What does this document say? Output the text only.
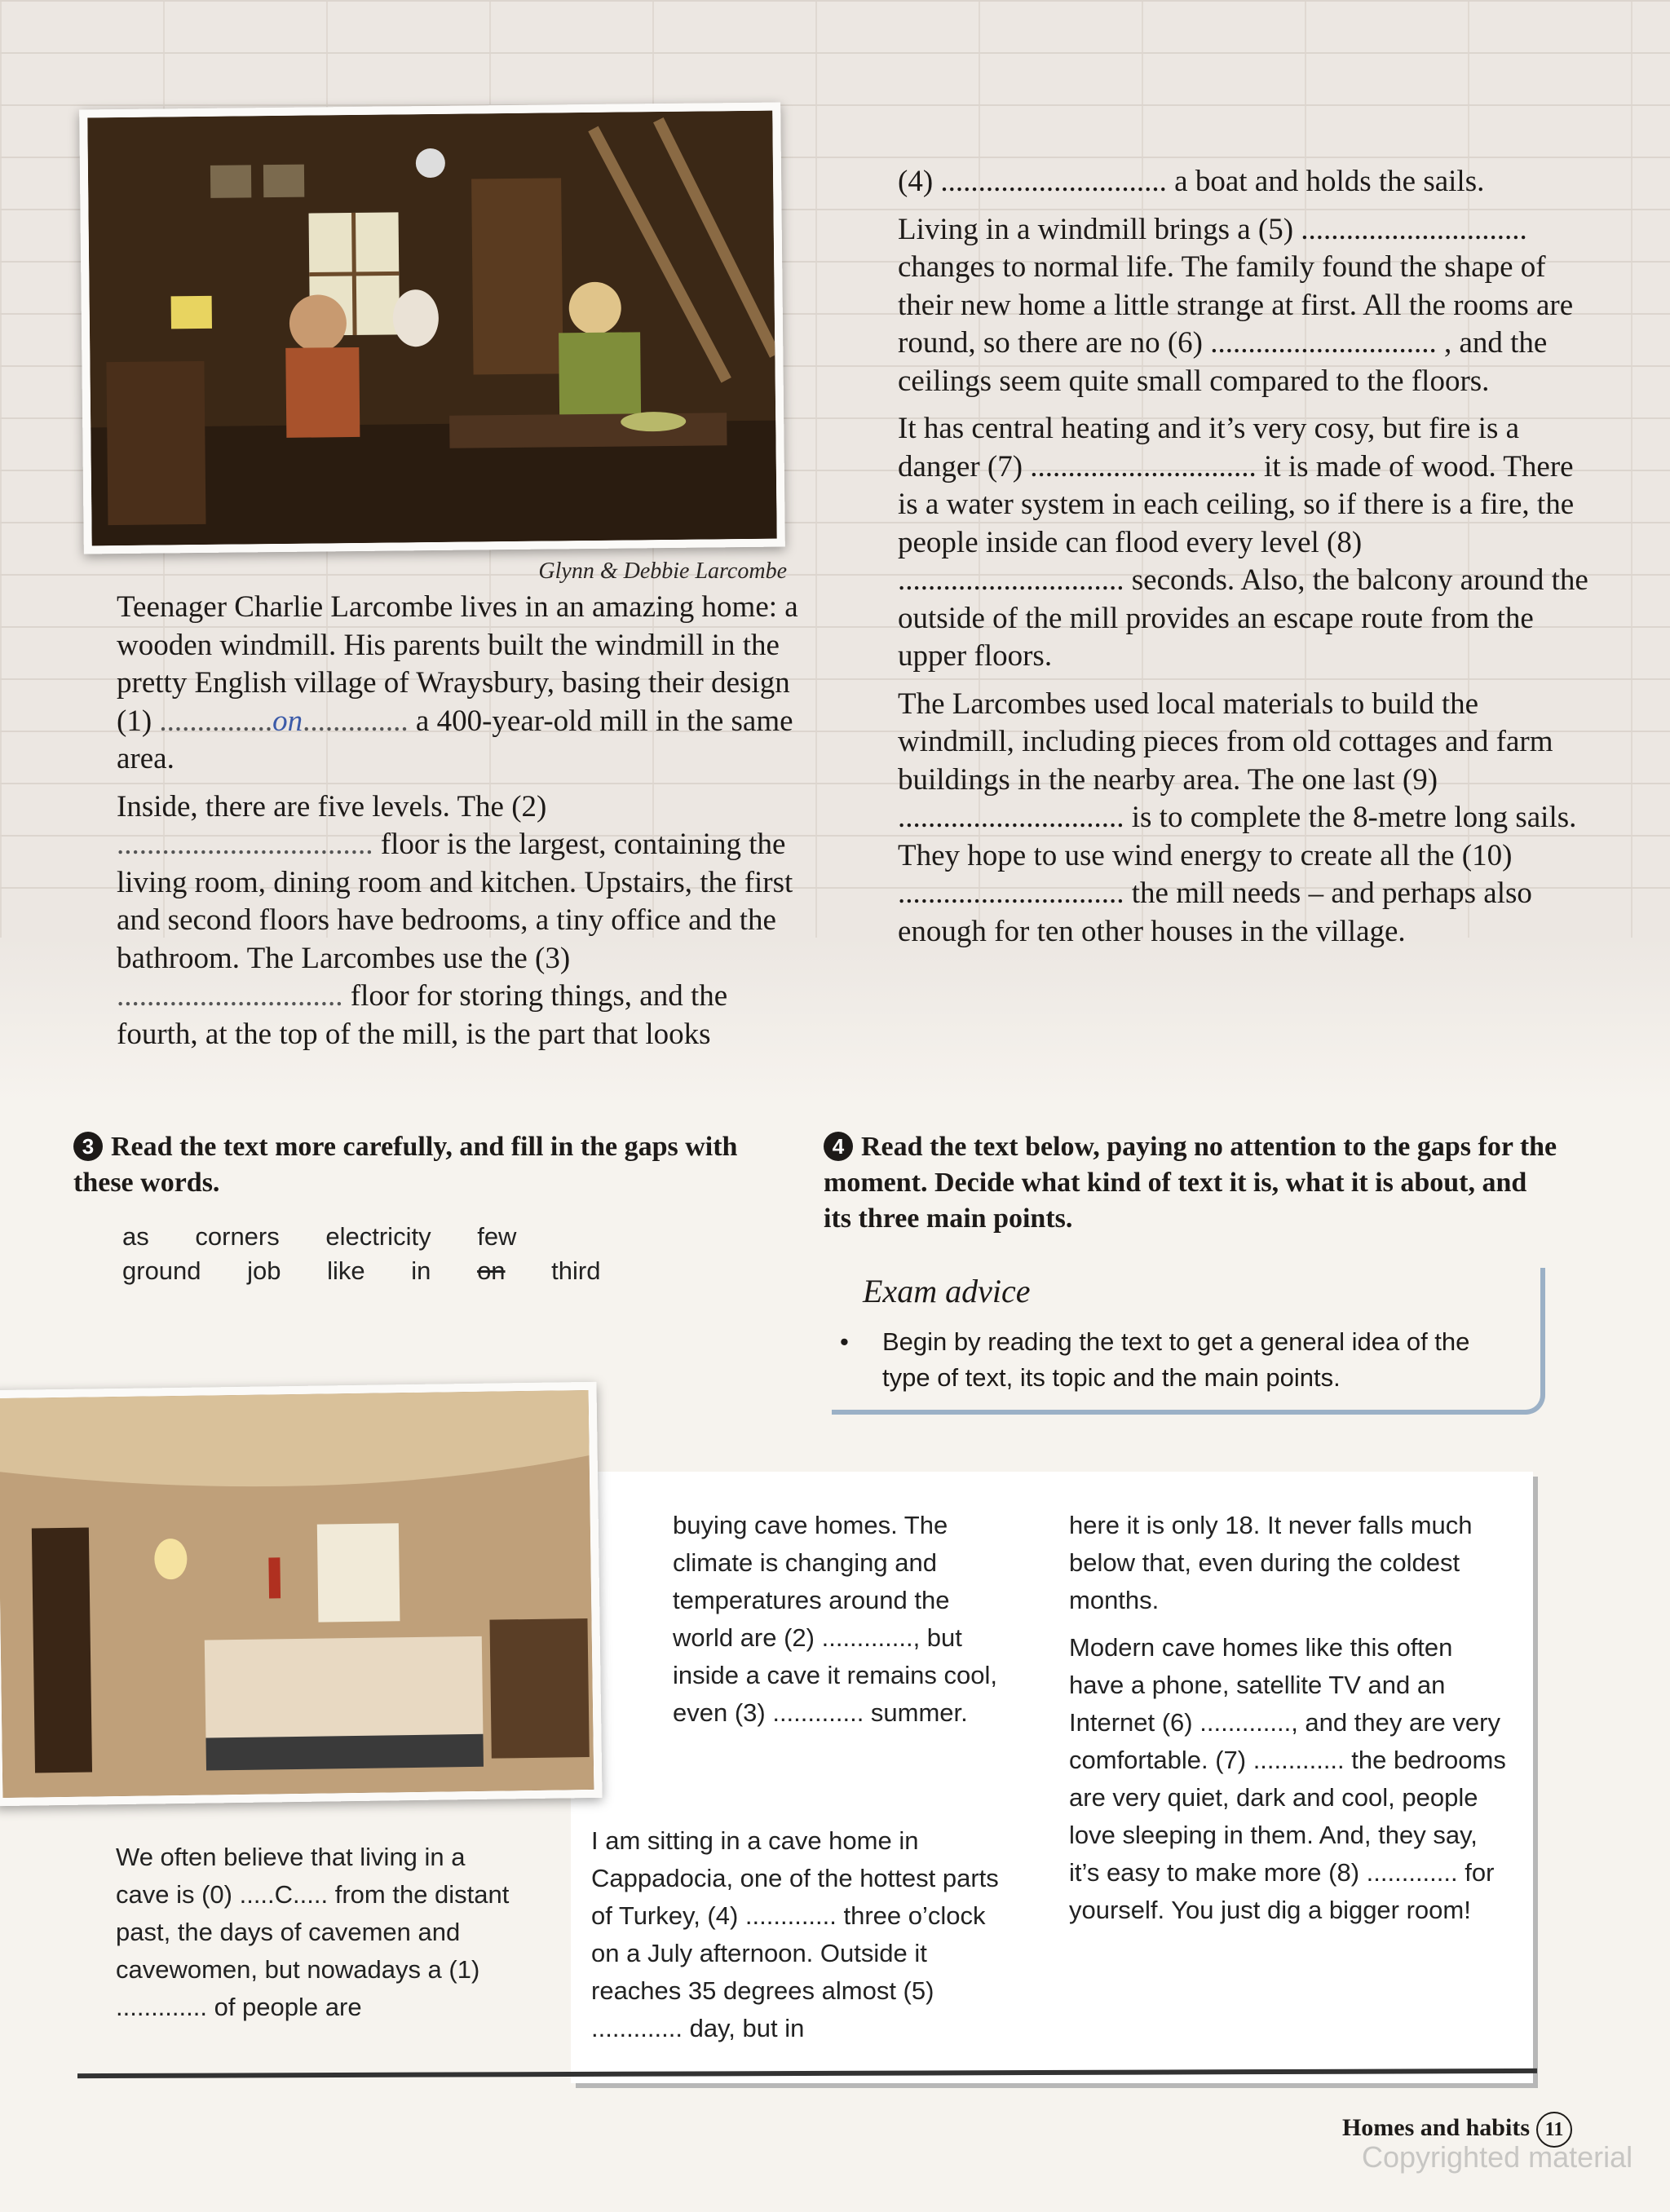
Glynn & Debbie Larcombe

Teenager Charlie Larcombe lives in an amazing home: a wooden windmill. His parents built the windmill in the pretty English village of Wraysbury, basing their design (1) ...............on.............. a 400-year-old mill in the same area.

Inside, there are five levels. The (2) .................................. floor is the largest, containing the living room, dining room and kitchen. Upstairs, the first and second floors have bedrooms, a tiny office and the bathroom. The Larcombes use the (3) .............................. floor for storing things, and the fourth, at the top of the mill, is the part that looks

(4) .............................. a boat and holds the sails.

Living in a windmill brings a (5) .............................. changes to normal life. The family found the shape of their new home a little strange at first. All the rooms are round, so there are no (6) .............................. , and the ceilings seem quite small compared to the floors.

It has central heating and it’s very cosy, but fire is a danger (7) .............................. it is made of wood. There is a water system in each ceiling, so if there is a fire, the people inside can flood every level (8) .............................. seconds. Also, the balcony around the outside of the mill provides an escape route from the upper floors.

The Larcombes used local materials to build the windmill, including pieces from old cottages and farm buildings in the nearby area. The one last (9) .............................. is to complete the 8-metre long sails. They hope to use wind energy to create all the (10) .............................. the mill needs – and perhaps also enough for ten other houses in the village.

3 Read the text more carefully, and fill in the gaps with these words.
as corners electricity few
ground job like in on third
4 Read the text below, paying no attention to the gaps for the moment. Decide what kind of text it is, what it is about, and its three main points.
Exam advice
•	Begin by reading the text to get a general idea of the type of text, its topic and the main points.

We often believe that living in a cave is (0) .....C..... from the distant past, the days of cavemen and cavewomen, but nowadays a (1) ............. of people are

buying cave homes. The climate is changing and temperatures around the world are (2) ............., but inside a cave it remains cool, even (3) ............. summer.

I am sitting in a cave home in Cappadocia, one of the hottest parts of Turkey, (4) ............. three o’clock on a July afternoon. Outside it reaches 35 degrees almost (5) ............. day, but in

here it is only 18. It never falls much below that, even during the coldest months.

Modern cave homes like this often have a phone, satellite TV and an Internet (6) ............., and they are very comfortable. (7) ............. the bedrooms are very quiet, dark and cool, people love sleeping in them. And, they say, it’s easy to make more (8) ............. for yourself. You just dig a bigger room!

Homes and habits 11
Copyrighted material
